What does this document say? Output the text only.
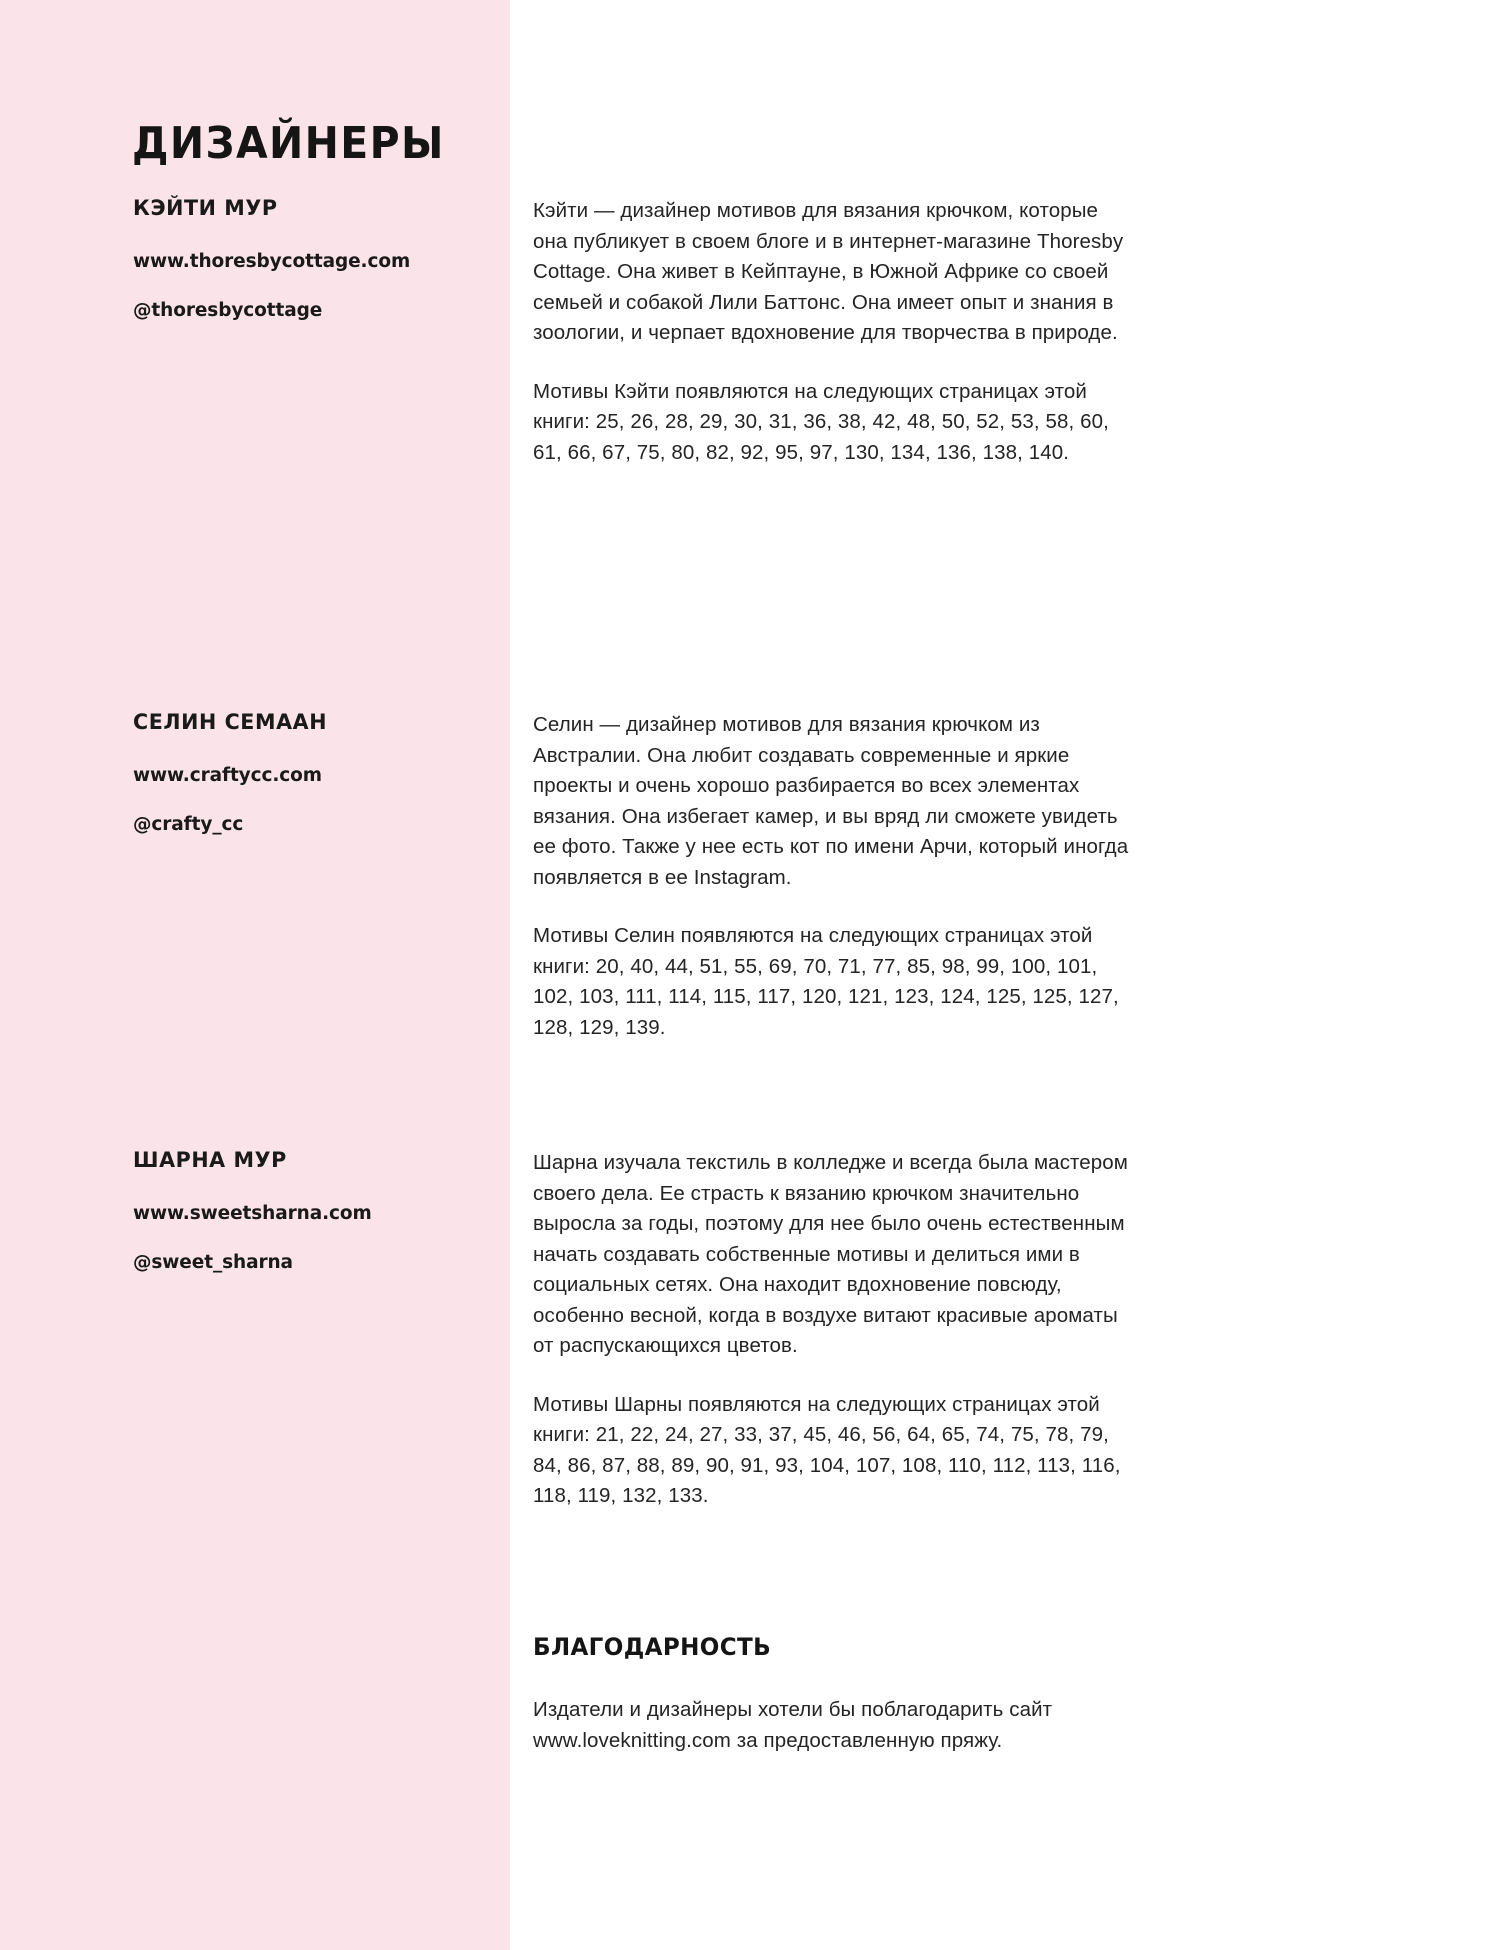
ДИЗАЙНЕРЫ

КЭЙТИ МУР

www.thoresbycottage.com

@thoresbycottage

Кэйти — дизайнер мотивов для вязания крючком, которые она публикует в своем блоге и в интернет-магазине Thoresby Cottage. Она живет в Кейптауне, в Южной Африке со своей семьей и собакой Лили Баттонс. Она имеет опыт и знания в зоологии, и черпает вдохновение для творчества в природе.

Мотивы Кэйти появляются на следующих страницах этой книги: 25, 26, 28, 29, 30, 31, 36, 38, 42, 48, 50, 52, 53, 58, 60, 61, 66, 67, 75, 80, 82, 92, 95, 97, 130, 134, 136, 138, 140.

СЕЛИН СЕМААН

www.craftycc.com

@crafty_cc

Селин — дизайнер мотивов для вязания крючком из Австралии. Она любит создавать современные и яркие проекты и очень хорошо разбирается во всех элементах вязания. Она избегает камер, и вы вряд ли сможете увидеть ее фото. Также у нее есть кот по имени Арчи, который иногда появляется в ее Instagram.

Мотивы Селин появляются на следующих страницах этой книги: 20, 40, 44, 51, 55, 69, 70, 71, 77, 85, 98, 99, 100, 101, 102, 103, 111, 114, 115, 117, 120, 121, 123, 124, 125, 125, 127, 128, 129, 139.

ШАРНА МУР

www.sweetsharna.com

@sweet_sharna

Шарна изучала текстиль в колледже и всегда была мастером своего дела. Ее страсть к вязанию крючком значительно выросла за годы, поэтому для нее было очень естественным начать создавать собственные мотивы и делиться ими в социальных сетях. Она находит вдохновение повсюду, особенно весной, когда в воздухе витают красивые ароматы от распускающихся цветов.

Мотивы Шарны появляются на следующих страницах этой книги: 21, 22, 24, 27, 33, 37, 45, 46, 56, 64, 65, 74, 75, 78, 79, 84, 86, 87, 88, 89, 90, 91, 93, 104, 107, 108, 110, 112, 113, 116, 118, 119, 132, 133.

БЛАГОДАРНОСТЬ

Издатели и дизайнеры хотели бы поблагодарить сайт www.loveknitting.com за предоставленную пряжу.
